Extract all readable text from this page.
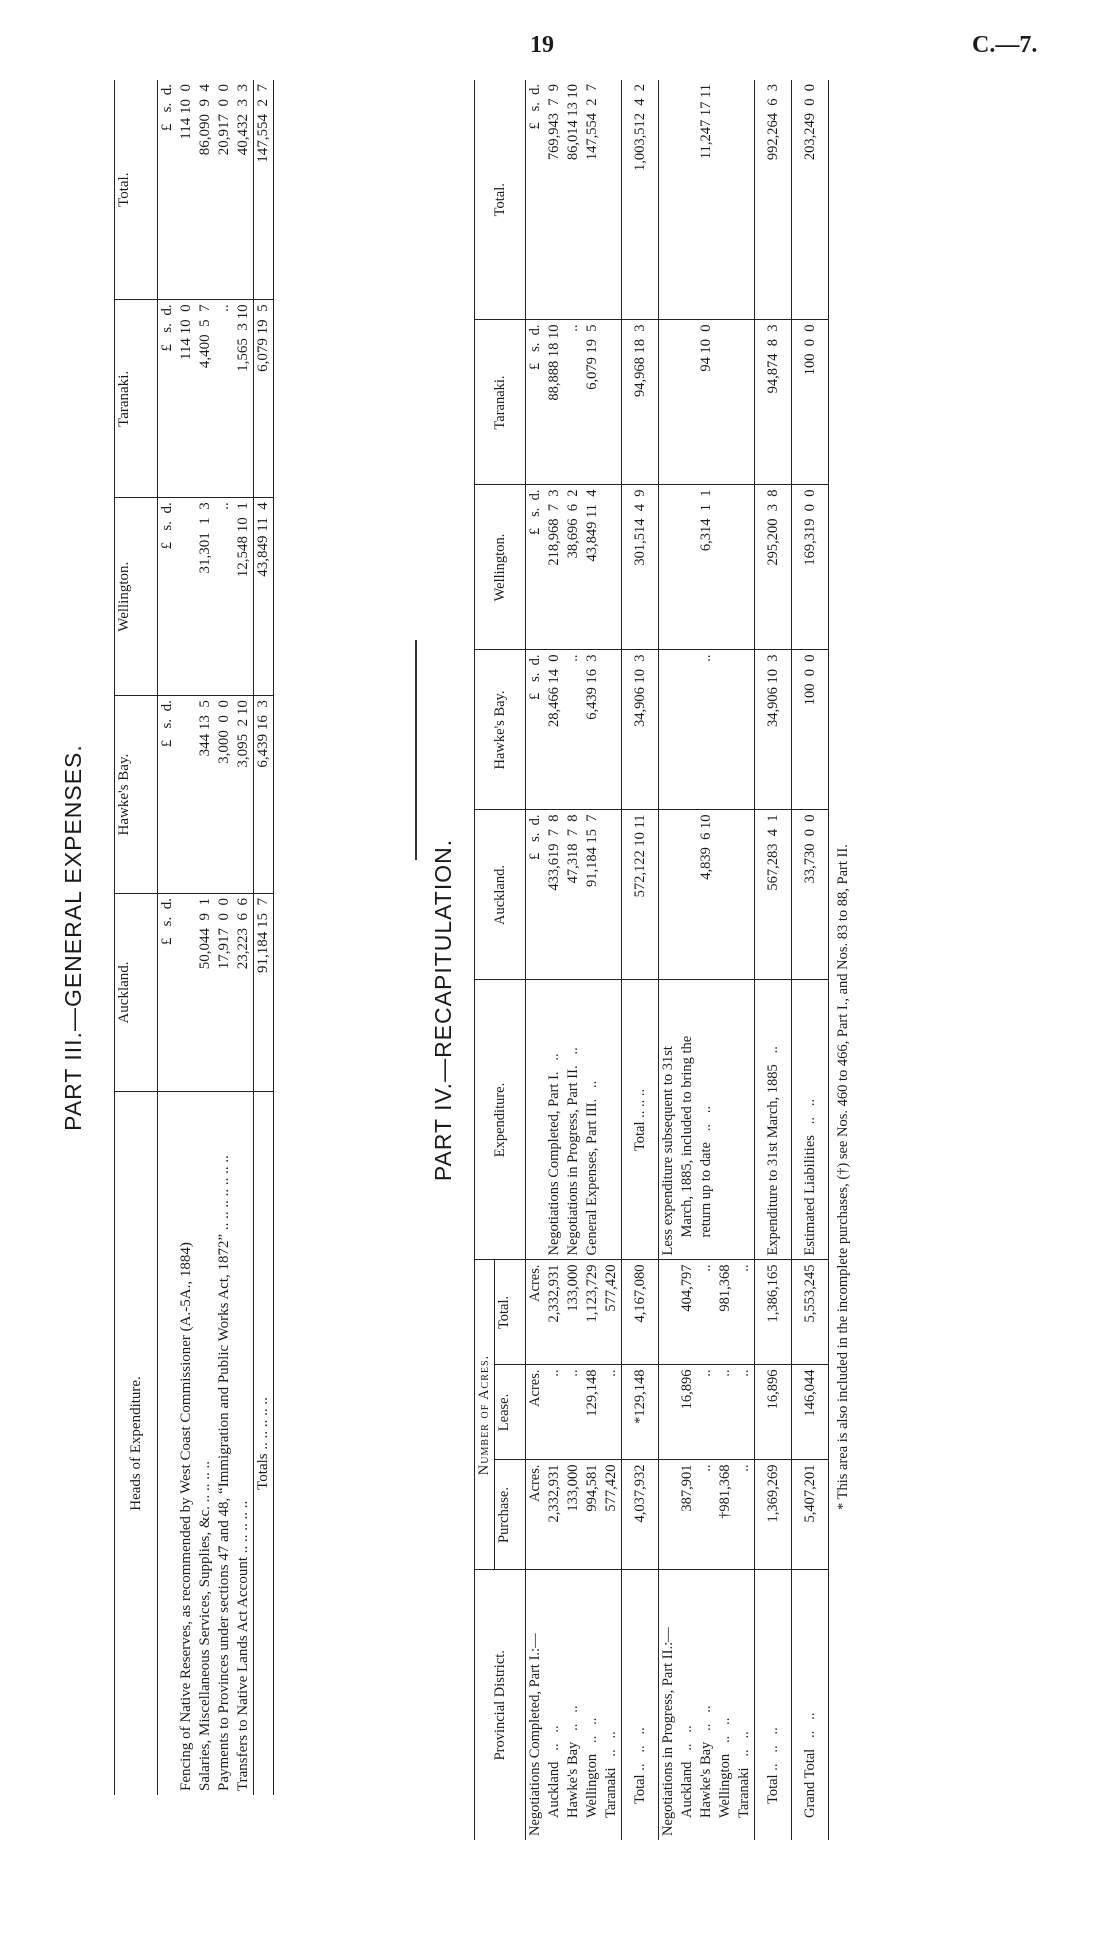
19	C.—7.
PART III.—GENERAL EXPENSES.
Heads of Expenditure.	Auckland.	Hawke's Bay.	Wellington.	Taranaki.	Total.
	£   s.  d.	£   s.  d.	£   s.  d.	£   s.  d.	£   s.  d.
Fencing of Native Reserves, as recommended by West Coast Commissioner (A.-5A., 1884)				114 10  0	114 10  0
Salaries, Miscellaneous Services, Supplies, &c. .. .. .. ..	50,044  9  1	344 13  5	31,301  1  3	4,400  5  7	86,090  9  4
Payments to Provinces under sections 47 and 48, “Immigration and Public Works Act, 1872” .. .. .. .. .. .. ..	17,917  0  0	3,000  0  0	..	..	20,917  0  0
Transfers to Native Lands Act Account .. .. .. .. ..	23,223  6  6	3,095  2 10	12,548 10  1	1,565  3 10	40,432  3  3
Totals .. .. .. .. ..	91,184 15  7	6,439 16  3	43,849 11  4	6,079 19  5	147,554  2  7
PART IV.—RECAPITULATION.
Provincial District.	Number of Acres.			Expenditure.	Auckland.	Hawke's Bay.	Wellington.	Taranaki.	Total.
	Purchase.	Lease.	Total.						
Negotiations Completed, Part I.:—	Acres.	Acres.	Acres.		£   s.  d.	£   s.  d.	£   s.  d.	£   s.  d.	£   s.  d.
Auckland   ..   ..	2,332,931	..	2,332,931	Negotiations Completed, Part I.   ..	433,619  7  8	28,466 14  0	218,968  7  3	88,888 18 10	769,943  7  9
Hawke's Bay   ..   ..	133,000	..	133,000	Negotiations in Progress, Part II.   ..	47,318  7  8	..	38,696  6  2	..	86,014 13 10
Wellington   ..   ..	994,581	129,148	1,123,729	General Expenses, Part III.   ..	91,184 15  7	6,439 16  3	43,849 11  4	6,079 19  5	147,554  2  7
Taranaki   ..   ..	577,420	..	577,420						
Total ..   ..   ..	4,037,932	*129,148	4,167,080	Total .. .. ..	572,122 10 11	34,906 10  3	301,514  4  9	94,968 18  3	1,003,512  4  2
Negotiations in Progress, Part II.:—				Less expenditure subsequent to 31st					
Auckland   ..   ..	387,901	16,896	404,797	March, 1885, included to bring the					
Hawke's Bay   ..   ..	..	..	..	return up to date   ..   ..	4,839  6 10	..	6,314  1  1	94 10  0	11,247 17 11
Wellington   ..   ..	†981,368	..	981,368						
Taranaki   ..   ..	..	..	..						
Total ..   ..   ..	1,369,269	16,896	1,386,165	Expenditure to 31st March, 1885   ..	567,283  4  1	34,906 10  3	295,200  3  8	94,874  8  3	992,264  6  3
Grand Total   ..   ..	5,407,201	146,044	5,553,245	Estimated Liabilities   ..   ..	33,730  0  0	100  0  0	169,319  0  0	100  0  0	203,249  0  0
* This area is also included in the incomplete purchases, (†) see Nos. 460 to 466, Part I., and Nos. 83 to 88, Part II.
